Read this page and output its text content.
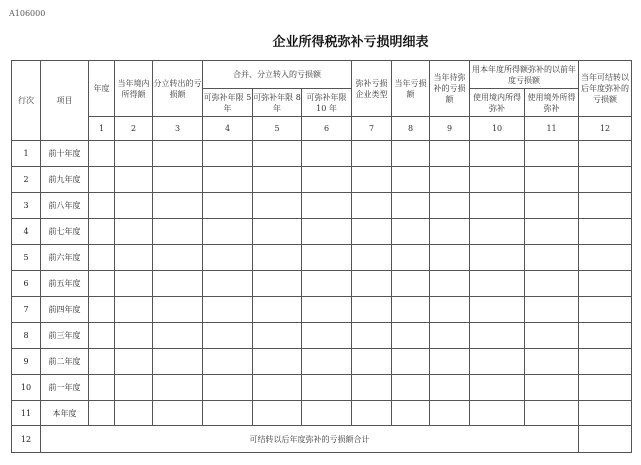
A106000
企业所得税弥补亏损明细表
行次	项目	年度	当年境内所得额	分立转出的亏损额	合并、分立转入的亏损额			弥补亏损企业类型	当年亏损额	当年待弥补的亏损额	用本年度所得额弥补的以前年度亏损额		当年可结转以后年度弥补的亏损额
					可弥补年限 5 年	可弥补年限 8 年	可弥补年限 10 年				使用境内所得弥补	使用境外所得弥补	
		1	2	3	4	5	6	7	8	9	10	11	12
1	前十年度												
2	前九年度												
3	前八年度												
4	前七年度												
5	前六年度												
6	前五年度												
7	前四年度												
8	前三年度												
9	前二年度												
10	前一年度												
11	本年度												
12	可结转以后年度弥补的亏损额合计												
